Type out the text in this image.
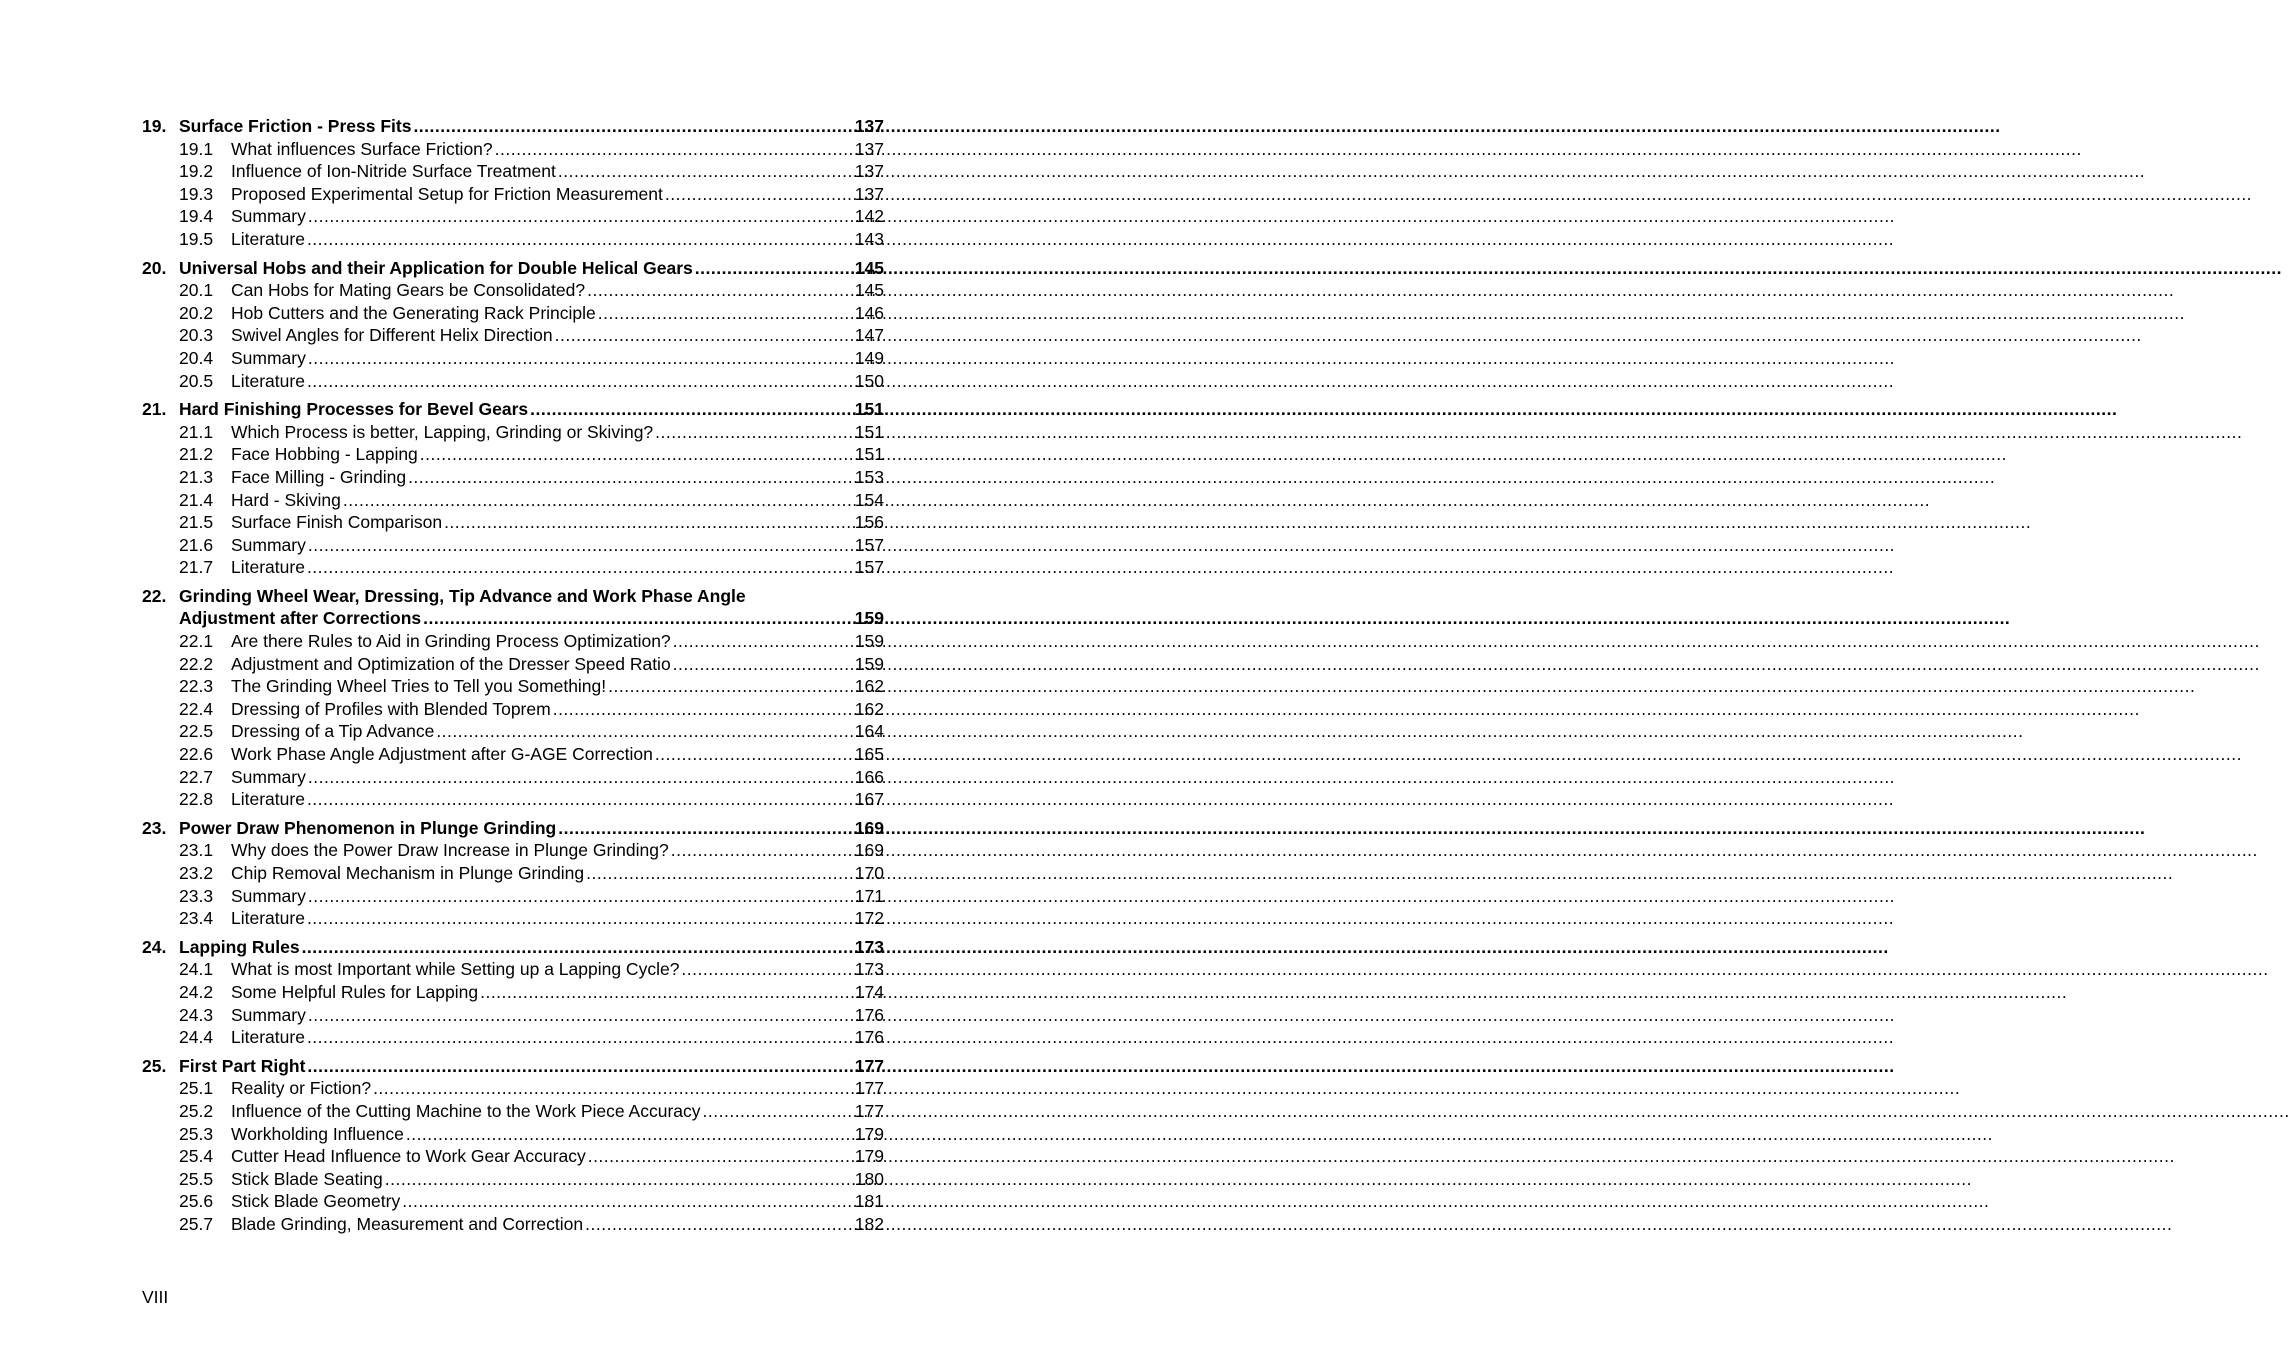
19. Surface Friction - Press Fits .....	137
19.1	What influences Surface Friction? .....	137
19.2	Influence of Ion-Nitride Surface Treatment .....	137
19.3	Proposed Experimental Setup for Friction Measurement .....	137
19.4	Summary .....	142
19.5	Literature .....	143
20. Universal Hobs and their Application for Double Helical Gears .....	145
20.1	Can Hobs for Mating Gears be Consolidated? .....	145
20.2	Hob Cutters and the Generating Rack Principle .....	146
20.3	Swivel Angles for Different Helix Direction .....	147
20.4	Summary .....	149
20.5	Literature .....	150
21. Hard Finishing Processes for Bevel Gears .....	151
21.1	Which Process is better, Lapping, Grinding or Skiving? .....	151
21.2	Face Hobbing - Lapping .....	151
21.3	Face Milling - Grinding .....	153
21.4	Hard - Skiving .....	154
21.5	Surface Finish Comparison .....	156
21.6	Summary .....	157
21.7	Literature .....	157
22. Grinding Wheel Wear, Dressing, Tip Advance and Work Phase Angle
Adjustment after Corrections .....	159
22.1	Are there Rules to Aid in Grinding Process Optimization? .....	159
22.2	Adjustment and Optimization of the Dresser Speed Ratio .....	159
22.3	The Grinding Wheel Tries to Tell you Something! .....	162
22.4	Dressing of Profiles with Blended Toprem .....	162
22.5	Dressing of a Tip Advance .....	164
22.6	Work Phase Angle Adjustment after G-AGE Correction .....	165
22.7	Summary .....	166
22.8	Literature .....	167
23. Power Draw Phenomenon in Plunge Grinding .....	169
23.1	Why does the Power Draw Increase in Plunge Grinding? .....	169
23.2	Chip Removal Mechanism in Plunge Grinding .....	170
23.3	Summary .....	171
23.4	Literature .....	172
24. Lapping Rules .....	173
24.1	What is most Important while Setting up a Lapping Cycle? .....	173
24.2	Some Helpful Rules for Lapping .....	174
24.3	Summary .....	176
24.4	Literature .....	176
25. First Part Right .....	177
25.1	Reality or Fiction? .....	177
25.2	Influence of the Cutting Machine to the Work Piece Accuracy .....	177
25.3	Workholding Influence .....	179
25.4	Cutter Head Influence to Work Gear Accuracy .....	179
25.5	Stick Blade Seating .....	180
25.6	Stick Blade Geometry .....	181
25.7	Blade Grinding, Measurement and Correction .....	182
VIII
